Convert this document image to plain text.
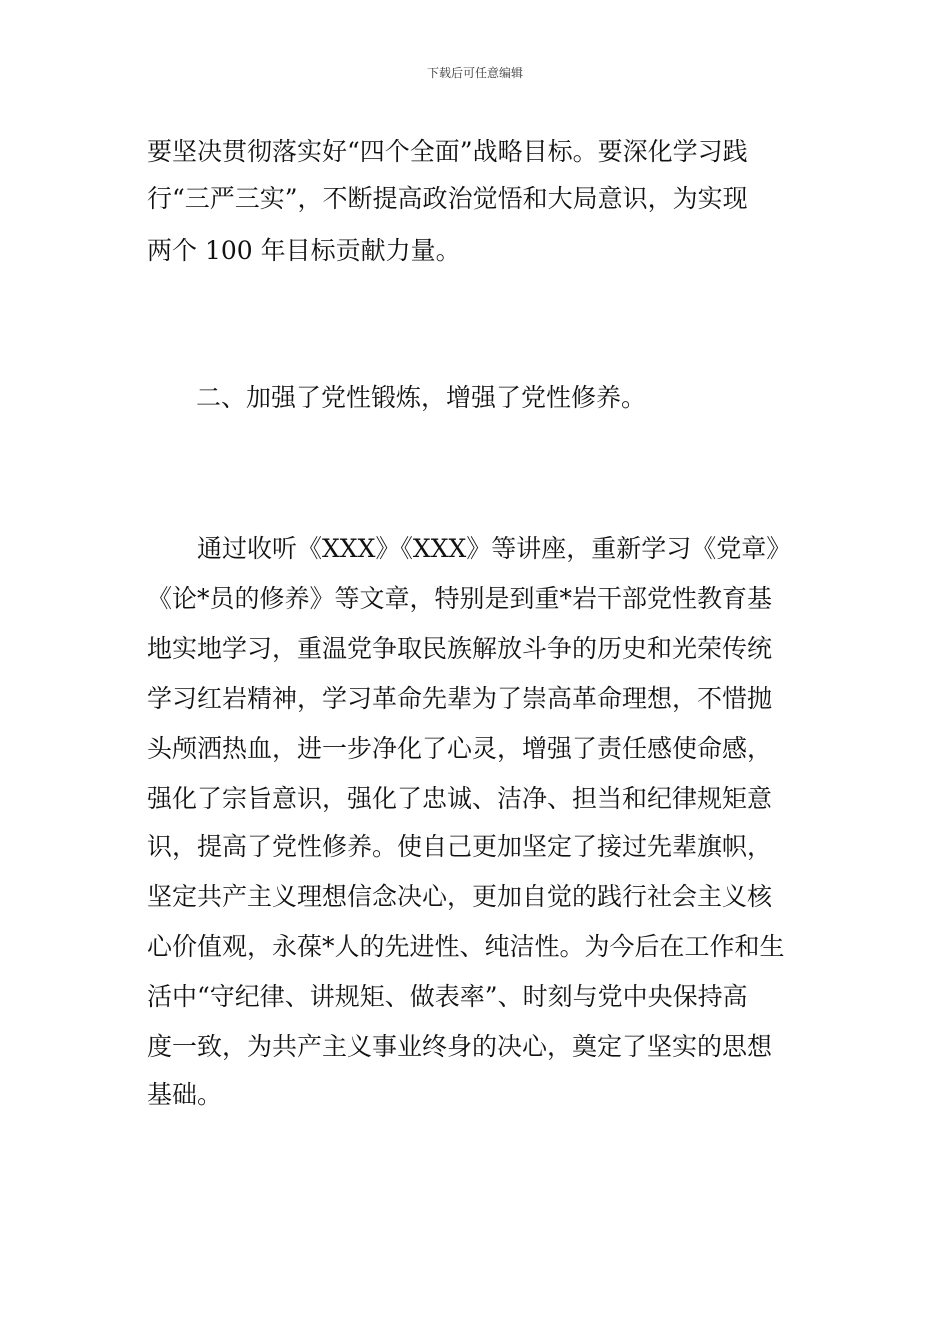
下载后可任意编辑
要坚决贯彻落实好“四个全面”战略目标。要深化学习践
行“三严三实”，不断提高政治觉悟和大局意识，为实现
两个 100 年目标贡献力量。
二、加强了党性锻炼，增强了党性修养。
　　通过收听《XXX》《XXX》等讲座，重新学习《党章》
《论*员的修养》等文章，特别是到重*岩干部党性教育基
地实地学习，重温党争取民族解放斗争的历史和光荣传统
学习红岩精神，学习革命先辈为了崇高革命理想，不惜抛
头颅洒热血，进一步净化了心灵，增强了责任感使命感，
强化了宗旨意识，强化了忠诚、洁净、担当和纪律规矩意
识，提高了党性修养。使自己更加坚定了接过先辈旗帜，
坚定共产主义理想信念决心，更加自觉的践行社会主义核
心价值观，永葆*人的先进性、纯洁性。为今后在工作和生
活中“守纪律、讲规矩、做表率”、时刻与党中央保持高
度一致，为共产主义事业终身的决心，奠定了坚实的思想
基础。
